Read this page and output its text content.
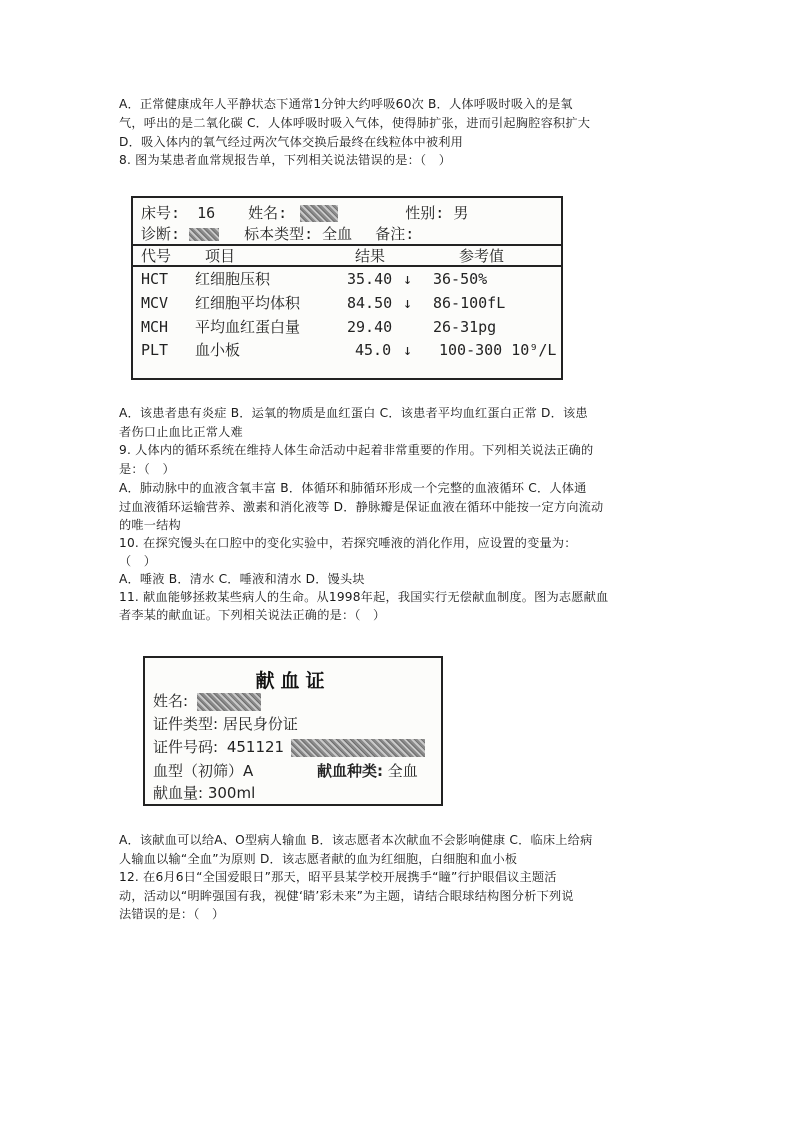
A．正常健康成年人平静状态下通常1分钟大约呼吸60次 B．人体呼吸时吸入的是氧
气，呼出的是二氧化碳 C．人体呼吸时吸入气体，使得肺扩张，进而引起胸腔容积扩大
D．吸入体内的氧气经过两次气体交换后最终在线粒体中被利用
8. 图为某患者血常规报告单，下列相关说法错误的是：（　）
床号: 16 姓名:	性别: 男
诊断:	标本类型: 全血 备注:
代号 项目	结果	参考值
HCT 红细胞压积	35.40 ↓ 36-50%
MCV 红细胞平均体积	84.50 ↓ 86-100fL
MCH 平均血红蛋白量	29.40	26-31pg
PLT 血小板	45.0 ↓ 100-300 10⁹/L
A．该患者患有炎症 B．运氧的物质是血红蛋白 C．该患者平均血红蛋白正常 D．该患
者伤口止血比正常人难
9. 人体内的循环系统在维持人体生命活动中起着非常重要的作用。下列相关说法正确的
是：（　）
A．肺动脉中的血液含氧丰富 B．体循环和肺循环形成一个完整的血液循环 C．人体通
过血液循环运输营养、激素和消化液等 D．静脉瓣是保证血液在循环中能按一定方向流动
的唯一结构
10. 在探究馒头在口腔中的变化实验中，若探究唾液的消化作用，应设置的变量为：
（　）
A．唾液 B．清水 C．唾液和清水 D．馒头块
11. 献血能够拯救某些病人的生命。从1998年起，我国实行无偿献血制度。图为志愿献血
者李某的献血证。下列相关说法正确的是：（　）
献血证
姓名:
证件类型: 居民身份证
证件号码: 451121
血型（初筛）A	献血种类: 全血
献血量: 300ml
A．该献血可以给A、O型病人输血 B．该志愿者本次献血不会影响健康 C．临床上给病
人输血以输“全血”为原则 D．该志愿者献的血为红细胞，白细胞和血小板
12. 在6月6日“全国爱眼日”那天，昭平县某学校开展携手“瞳”行护眼倡议主题活
动，活动以“明眸强国有我，视健‘睛’彩未来”为主题，请结合眼球结构图分析下列说
法错误的是：（　）
